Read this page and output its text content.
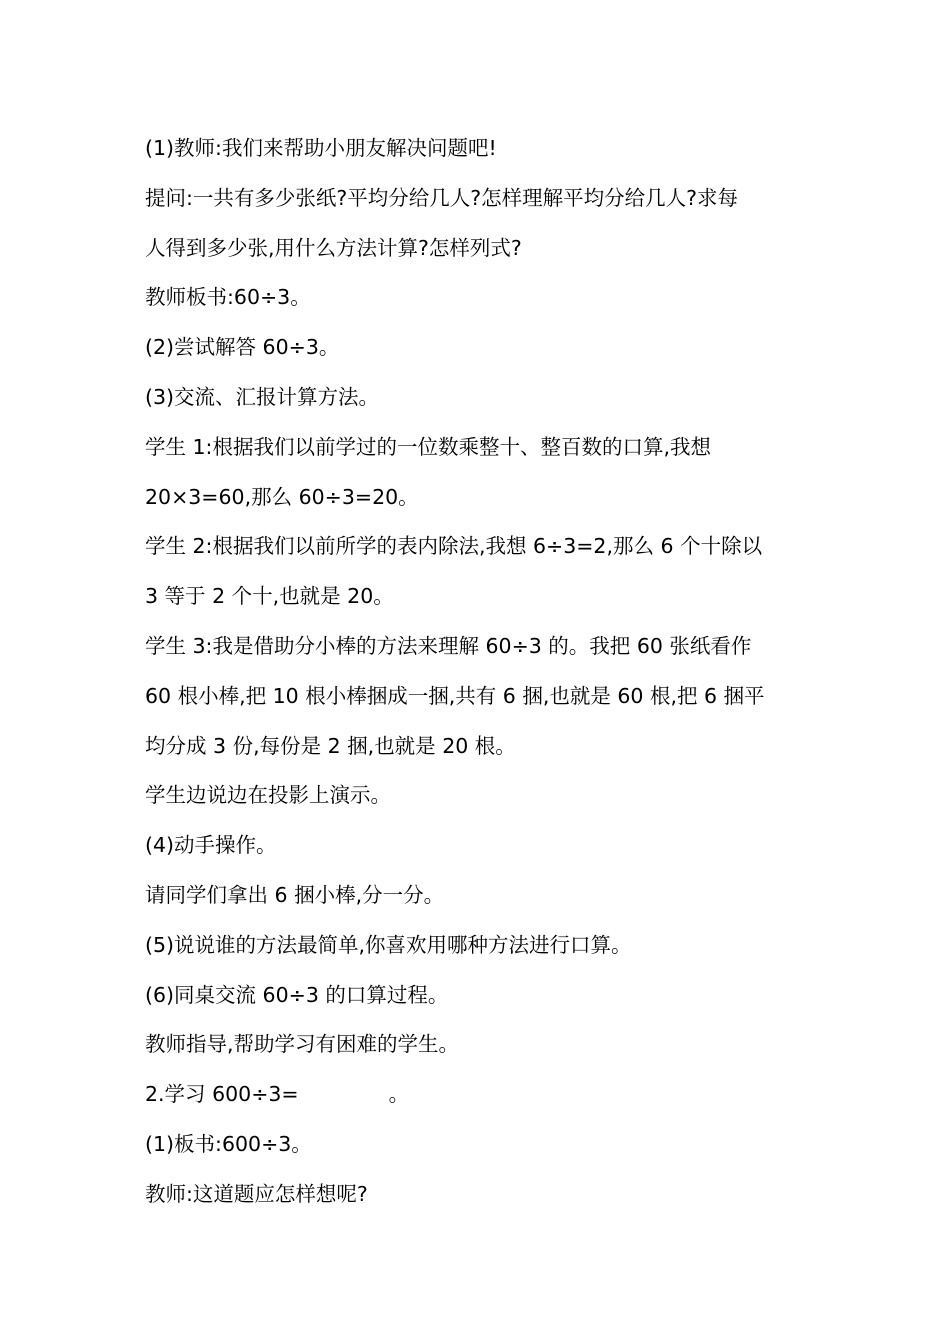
(1)教师:我们来帮助小朋友解决问题吧!
提问:一共有多少张纸?平均分给几人?怎样理解平均分给几人?求每
人得到多少张,用什么方法计算?怎样列式?
教师板书:60÷3。
(2)尝试解答 60÷3。
(3)交流、汇报计算方法。
学生 1:根据我们以前学过的一位数乘整十、整百数的口算,我想
20×3=60,那么 60÷3=20。
学生 2:根据我们以前所学的表内除法,我想 6÷3=2,那么 6 个十除以
3 等于 2 个十,也就是 20。
学生 3:我是借助分小棒的方法来理解 60÷3 的。我把 60 张纸看作
60 根小棒,把 10 根小棒捆成一捆,共有 6 捆,也就是 60 根,把 6 捆平
均分成 3 份,每份是 2 捆,也就是 20 根。
学生边说边在投影上演示。
(4)动手操作。
请同学们拿出 6 捆小棒,分一分。
(5)说说谁的方法最简单,你喜欢用哪种方法进行口算。
(6)同桌交流 60÷3 的口算过程。
教师指导,帮助学习有困难的学生。
2.学习 600÷3=	。
(1)板书:600÷3。
教师:这道题应怎样想呢?
